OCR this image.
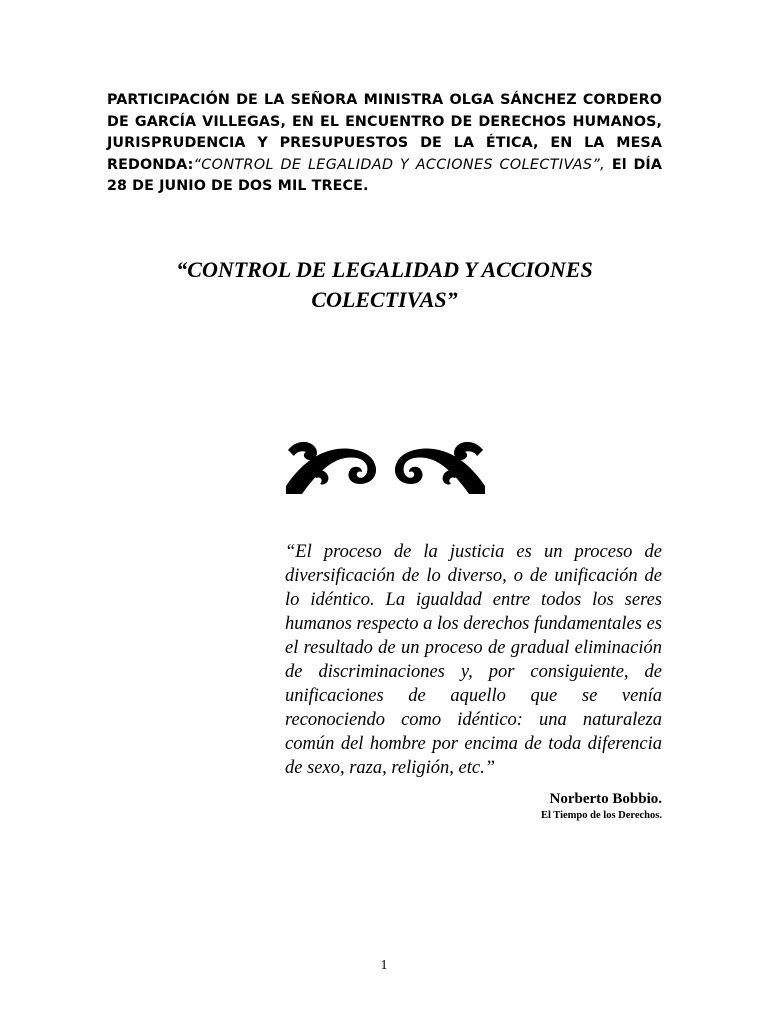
PARTICIPACIÓN DE LA SEÑORA MINISTRA OLGA SÁNCHEZ CORDERO DE GARCÍA VILLEGAS, EN EL ENCUENTRO DE DERECHOS HUMANOS, JURISPRUDENCIA Y PRESUPUESTOS DE LA ÉTICA, EN LA MESA REDONDA:“CONTROL DE LEGALIDAD Y ACCIONES COLECTIVAS”, El DÍA 28 DE JUNIO DE DOS MIL TRECE.
“CONTROL DE LEGALIDAD Y ACCIONES COLECTIVAS”
“El proceso de la justicia es un proceso de diversificación de lo diverso, o de unificación de lo idéntico. La igualdad entre todos los seres humanos respecto a los derechos fundamentales es el resultado de un proceso de gradual eliminación de discriminaciones y, por consiguiente, de unificaciones de aquello que se venía reconociendo como idéntico: una naturaleza común del hombre por encima de toda diferencia de sexo, raza, religión, etc.”
Norberto Bobbio.
El Tiempo de los Derechos.
1
